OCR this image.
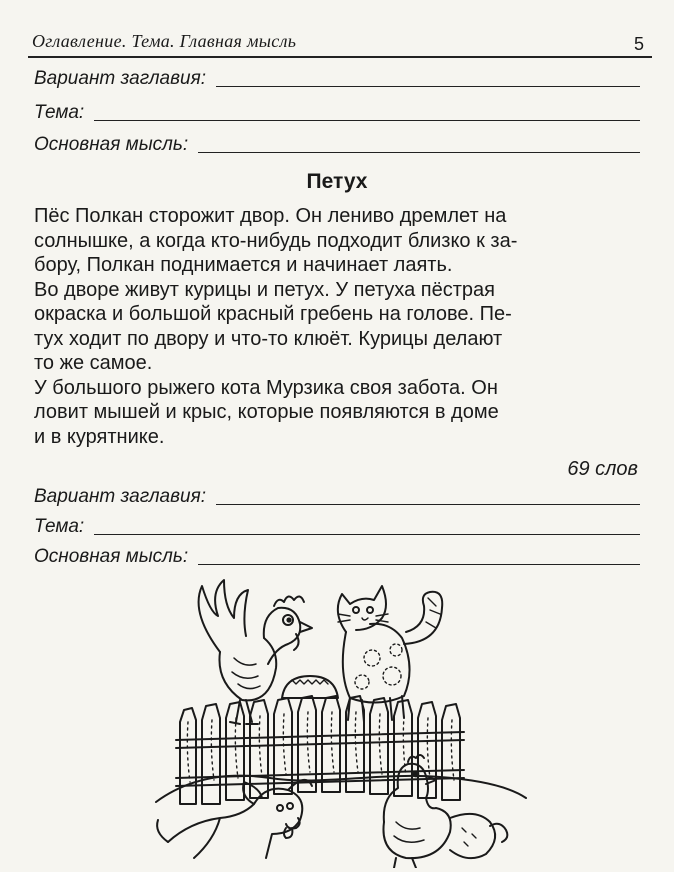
Оглавление. Тема. Главная мысль	5
Вариант заглавия:
Тема:
Основная мысль:
Петух

Пёс Полкан сторожит двор. Он лениво дремлет на
солнышке, а когда кто-нибудь подходит близко к за-
бору, Полкан поднимается и начинает лаять.

Во дворе живут курицы и петух. У петуха пёстрая
окраска и большой красный гребень на голове. Пе-
тух ходит по двору и что-то клюёт. Курицы делают
то же самое.

У большого рыжего кота Мурзика своя забота. Он
ловит мышей и крыс, которые появляются в доме
и в курятнике.

69 слов
Вариант заглавия:
Тема:
Основная мысль:
